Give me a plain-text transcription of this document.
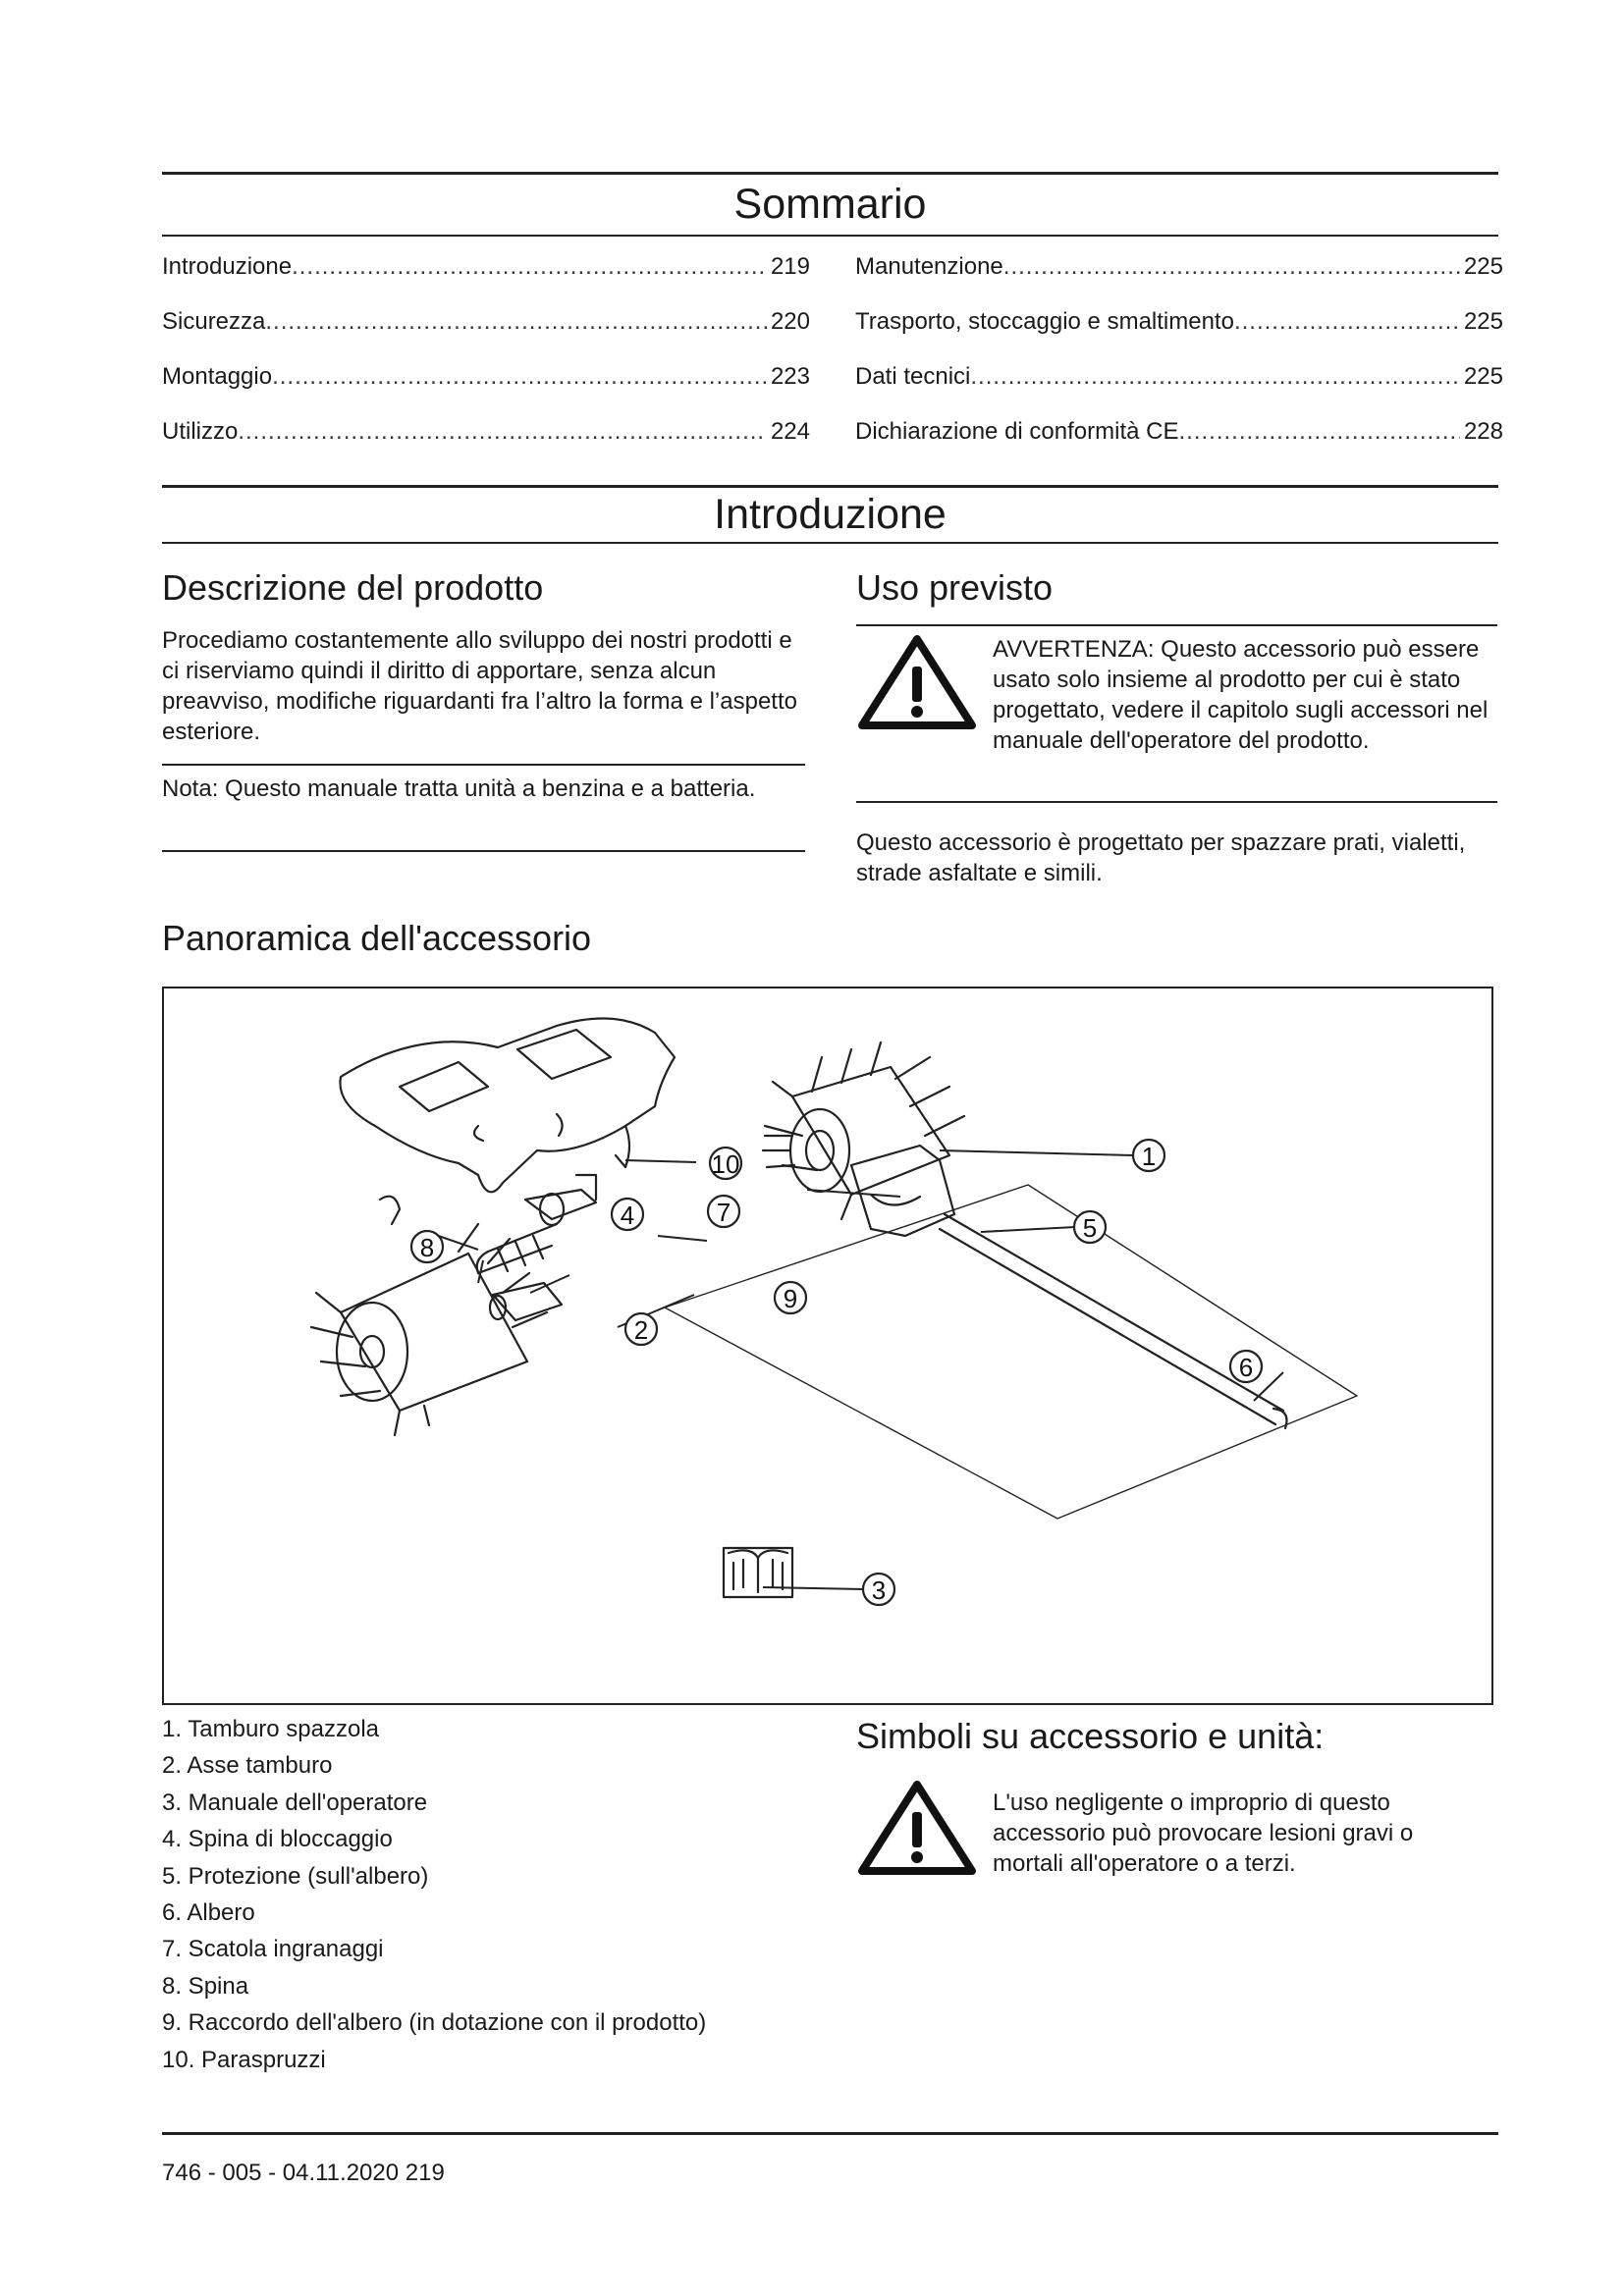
Sommario
Introduzione .....	219
Sicurezza .....	220
Montaggio .....	223
Utilizzo .....	224
Manutenzione .....	225
Trasporto, stoccaggio e smaltimento .....	225
Dati tecnici .....	225
Dichiarazione di conformità CE .....	228
Introduzione
Descrizione del prodotto

Procediamo costantemente allo sviluppo dei nostri prodotti e ci riserviamo quindi il diritto di apportare, senza alcun preavviso, modifiche riguardanti fra l’altro la forma e l’aspetto esteriore.

Nota: Questo manuale tratta unità a benzina e a batteria.

Uso previsto

AVVERTENZA: Questo accessorio può essere usato solo insieme al prodotto per cui è stato progettato, vedere il capitolo sugli accessori nel manuale dell'operatore del prodotto.

Questo accessorio è progettato per spazzare prati, vialetti, strade asfaltate e simili.

Panoramica dell'accessorio
1
2
3
4	5
6
7
8
9
10
1. Tamburo spazzola
2. Asse tamburo
3. Manuale dell'operatore
4. Spina di bloccaggio
5. Protezione (sull'albero)
6. Albero
7. Scatola ingranaggi
8. Spina
9. Raccordo dell'albero (in dotazione con il prodotto)
10. Paraspruzzi
Simboli su accessorio e unità:

L'uso negligente o improprio di questo accessorio può provocare lesioni gravi o mortali all'operatore o a terzi.

746 - 005 - 04.11.2020 219
